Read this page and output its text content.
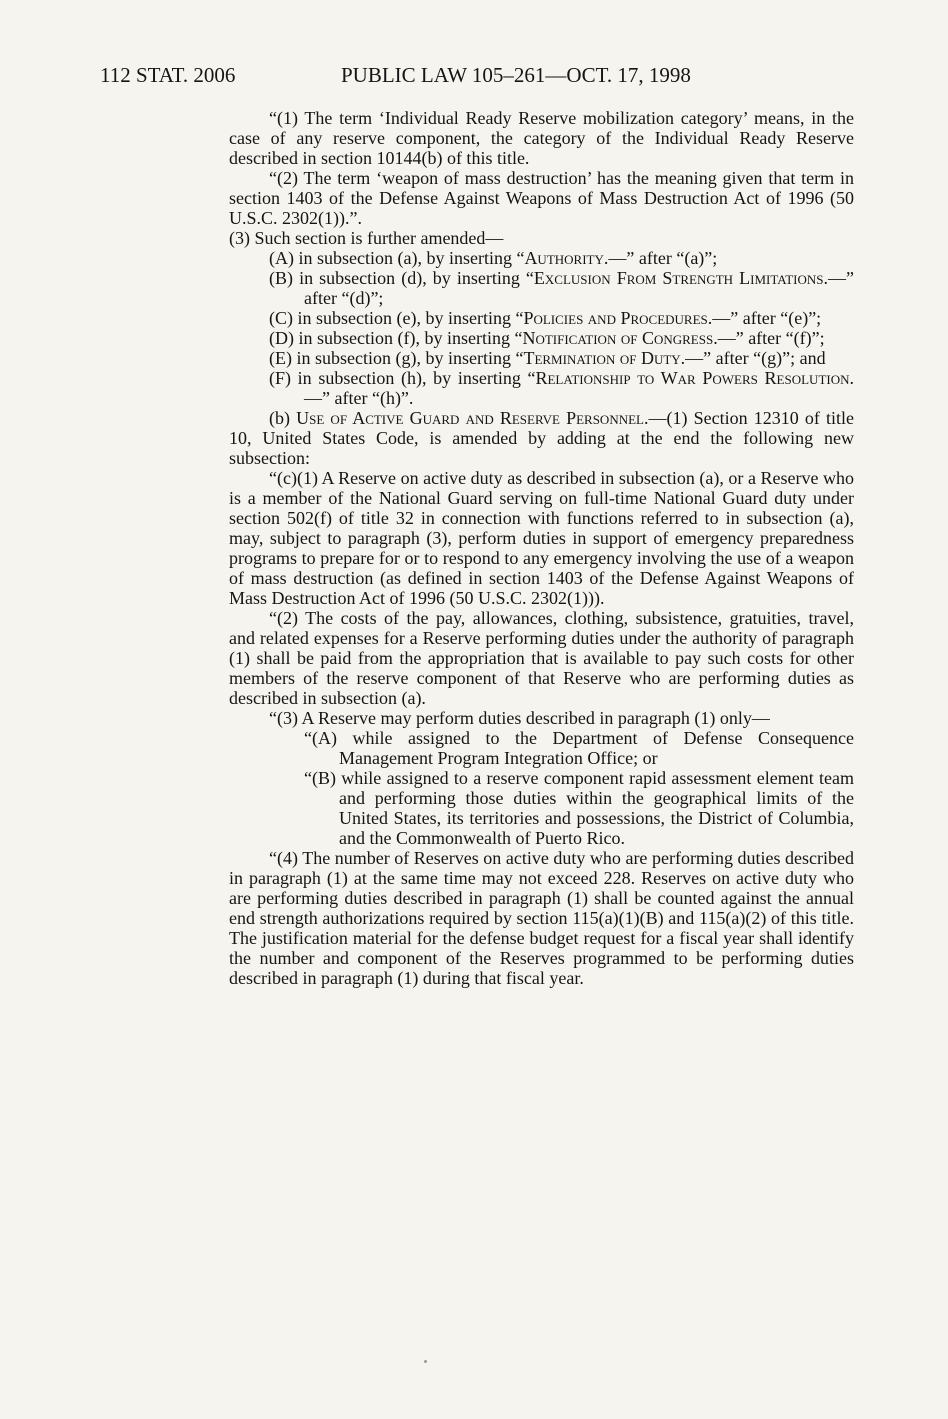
112 STAT. 2006	PUBLIC LAW 105–261—OCT. 17, 1998

“(1) The term ‘Individual Ready Reserve mobilization category’ means, in the case of any reserve component, the category of the Individual Ready Reserve described in section 10144(b) of this title.

“(2) The term ‘weapon of mass destruction’ has the meaning given that term in section 1403 of the Defense Against Weapons of Mass Destruction Act of 1996 (50 U.S.C. 2302(1)).”.

(3) Such section is further amended—

(A) in subsection (a), by inserting “Authority.—” after “(a)”;

(B) in subsection (d), by inserting “Exclusion From Strength Limitations.—” after “(d)”;

(C) in subsection (e), by inserting “Policies and Procedures.—” after “(e)”;

(D) in subsection (f), by inserting “Notification of Congress.—” after “(f)”;

(E) in subsection (g), by inserting “Termination of Duty.—” after “(g)”; and

(F) in subsection (h), by inserting “Relationship to War Powers Resolution.—” after “(h)”.

(b) Use of Active Guard and Reserve Personnel.—(1) Section 12310 of title 10, United States Code, is amended by adding at the end the following new subsection:

“(c)(1) A Reserve on active duty as described in subsection (a), or a Reserve who is a member of the National Guard serving on full-time National Guard duty under section 502(f) of title 32 in connection with functions referred to in subsection (a), may, subject to paragraph (3), perform duties in support of emergency preparedness programs to prepare for or to respond to any emergency involving the use of a weapon of mass destruction (as defined in section 1403 of the Defense Against Weapons of Mass Destruction Act of 1996 (50 U.S.C. 2302(1))).

“(2) The costs of the pay, allowances, clothing, subsistence, gratuities, travel, and related expenses for a Reserve performing duties under the authority of paragraph (1) shall be paid from the appropriation that is available to pay such costs for other members of the reserve component of that Reserve who are performing duties as described in subsection (a).

“(3) A Reserve may perform duties described in paragraph (1) only—

“(A) while assigned to the Department of Defense Consequence Management Program Integration Office; or

“(B) while assigned to a reserve component rapid assessment element team and performing those duties within the geographical limits of the United States, its territories and possessions, the District of Columbia, and the Commonwealth of Puerto Rico.

“(4) The number of Reserves on active duty who are performing duties described in paragraph (1) at the same time may not exceed 228. Reserves on active duty who are performing duties described in paragraph (1) shall be counted against the annual end strength authorizations required by section 115(a)(1)(B) and 115(a)(2) of this title. The justification material for the defense budget request for a fiscal year shall identify the number and component of the Reserves programmed to be performing duties described in paragraph (1) during that fiscal year.
